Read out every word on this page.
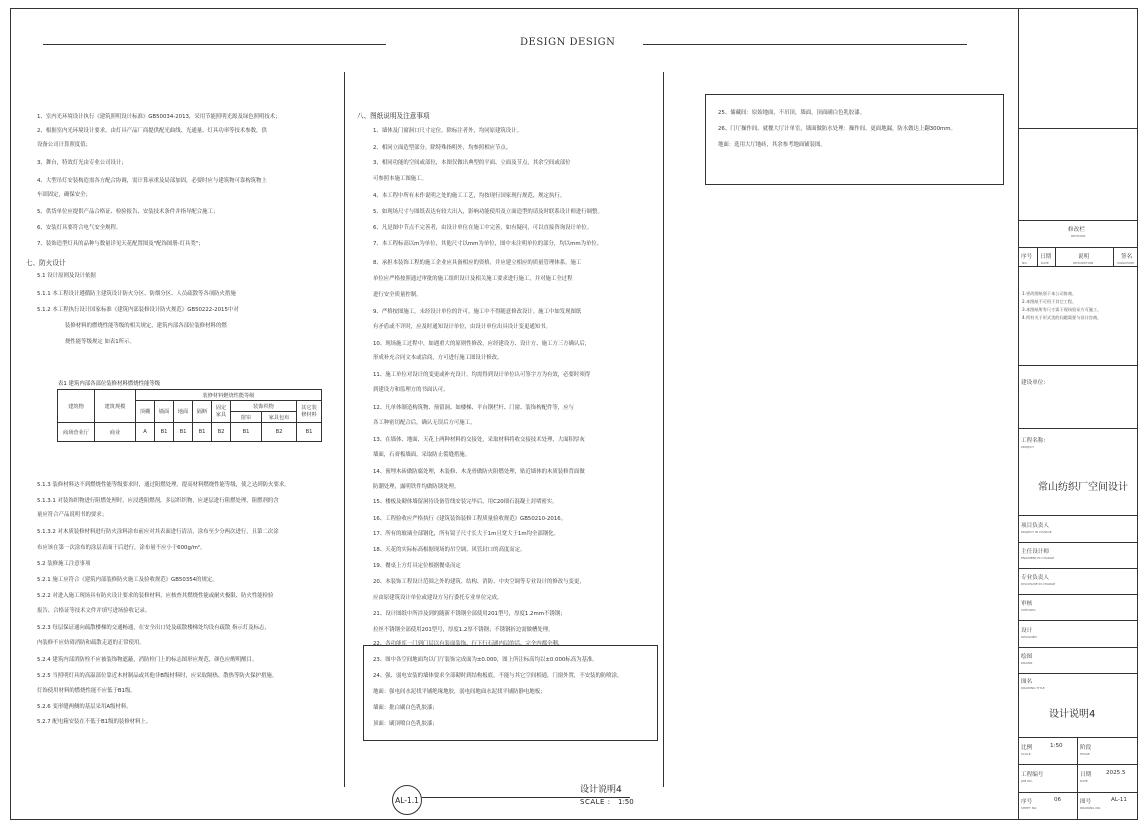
DESIGN DESIGN
1、室内光环境设计执行《建筑照明设计标准》GB50034-2013，采用节能照明光源及绿色照明技术；
2、根据室内光环境设计要求，由灯具产品厂商提供配光曲线、光通量、灯具功率等技术参数，供
设备公司计算照度值；
3、舞台，特效灯光由专业公司设计；
4、大型吊灯安装构造需各方配合协调，需计算承重及局部加固，必要时应与建筑物可靠构筑物上
车固固定，确保安全；
5、供货单位应提供产品合格证、检验报告、安装技术条件并指导配合施工；
6、安装灯具要符合电气安全规程。
7、装饰造型灯具的品种与数量详见天花配置图及"配饰图册-灯具类"；
七、防火设计
5.1 设计原则及设计依据
5.1.1 本工程设计遵循防主建筑设计防火分区、防烟分区、人员疏散等各项防火措施
5.1.2 本工程执行设计国家标准《建筑内部装修设计防火规范》GB50222-2015中对
装修材料的燃烧性能等级的相关规定，建筑内部各部位装修材料的燃
烧性能等级规定 如表1所示。
表1 建筑内部各部位装修材料燃烧性能等级
建筑物	建筑规模	装修材料燃烧性能等级							
		顶棚	墙面	地面	隔断	固定家具	装饰织物		其它装修材料
							窗帘	家具包布	
商场营业厅	商业	A	B1	B1	B1	B2	B1	B2	B1
5.1.3 装修材料达不到燃烧性能等级要求时，通过阻燃处理，提高材料燃烧性能等级，使之达到防火要求。
5.1.3.1 对装饰织物进行阻燃处理时，应浸透阻燃剂，多层织织物，应逐层进行阻燃处理，阻燃剂的含
量应符合产品说明书的要求；
5.1.3.2 对木质装修材料进行防火涂料涂布前应对其表面进行清洁，涂布至少分两次进行，且第二次涂
布应该在第一次涂布的涂层表面干后进行，涂布量不应小于600g/m²。
5.2 装修施工注意事项
5.2.1 施工应符合《建筑内部装修防火施工及验收规范》GB50354的规定。
5.2.2 对进入施工现场具有防火设计要求的装修材料，应核查其燃烧性能或耐火极限、防火性能检验
报告、合格证等技术文件并填写进场验收记录。
5.2.3 每层保证通向疏散楼梯的交通畅通，在安全出口处及疏散楼梯处均设有疏散 指示灯及标志，
内装修不应妨碍消防和疏散走道的正常使用。
5.2.4 建筑内部消防栓不应被装饰物遮蔽，消防栓门上的标志图形应规范，颜色应醒明醒目。
5.2.5 当照明灯具的高温部位靠近木材制品或其他非B级材料时，应采取隔热、散热等防火保护措施。
灯饰使用材料的燃烧性能不应低于B1级。
5.2.6 变形缝两侧的基层采用A级材料。
5.2.7 配电箱安装在不低于B1级的装修材料上。
八、图纸说明及注意事项
1、墙体及门窗洞口尺寸定位，除标注者外，均同原建筑设计。
2、相同立面造型部分，除特殊指明外，均参照相应节点。
3、相同功能的空间或部位，本图仅做出典型的平面、立面及节点，其余空间或部位
可参照本施工图施工。
4、本工程中所有未作说明之处的施工工艺，均按现行国家现行规范、规定执行。
5、如现场尺寸与图纸表达有较大出入，影响功能使用及立面造型的请及时联系设计师进行调整。
6、凡是图中节点不完善者，由设计单位在施工中完善，如有疑问，可以直接咨询设计单位。
7、本工程标高以m为单位，其他尺寸以mm为单位，图中未注明单位的部分，均以mm为单位。
8、承担本装饰工程的施工企业应具备相应的资格，并应建立相应的质量管理体系。施工
单位应严格按照通过审批的施工组织设计及相关施工要求进行施工，并对施工全过程
进行安全质量控制。
9、严格按图施工，未经设计单位的许可，施工中不得随意修改设计。施工中如发现图纸
有矛盾或不详时，应及时通知设计单位，由设计单位出具设计变更通知书。
10、现场施工过程中，如遇重大的原则性修改，应经建设方、设计方、施工方三方确认后，
形成补充合同文本或洽商，方可进行施工图设计修改。
11、施工单位对设计的变更或补充设计，均需得到设计单位认可签字方为有效，必要时须得
到建设方和监理方的书面认可。
12、凡单体制造构筑物、预留洞、如楼梯、平台钢栏杆、门窗、装饰构配件等，应与
各工种密切配合后，确认无误后方可施工。
13、在墙体、地面、天花上两种材料的交接处，采取材料将收交接技术处理，大面积厚灰
墙面，石膏板墙面，采取防止裂缝措施。
14、预埋木砖做防腐处理，木装修、木龙骨做防火阻燃处理，贴近墙体的木质装修背面做
防潮处理，露明铁件均做防锈处理。
15、楼板及砌体墙留洞待设备管线安装完毕后，用C20细石混凝土封堵密实。
16、工程验收应严格执行《建筑装饰装修工程质量验收规范》GB50210-2016。
17、所有的玻璃全部钢化，所有镜子尺寸长大于1m且宽大于1m均全部钢化。
18、天花的实际标高根据现场的吊空调、风管封口的高度而定。
19、餐桌上方灯具定位根据餐桌而定
20、本装饰工程设计范围之外的建筑、结构、消防、中央空调等专业设计的修改与变更，
应由原建筑设计单位或建设方另行委托专业单位完成。
21、设计图纸中所涉及到的随新不锈钢全部使用201型号，厚度1.2mm不锈钢；
拉丝不锈钢全部使用201型号，厚度1.2厚不锈钢；不锈钢折边需做槽处理。
22、各功能库一门到门层以有装面装饰、行下行石剧内层的活、完全内都全剩、
23、图中各空间地面均以门厅装饰完成面为±0.000，图上所注标高均以±0.000标高为基准。
24、强、弱电安装的墙体要求全部砌时到结构板底，不能与其它空间相通，门窗外置，不安装的防喷涂。
地面：强电间水泥找平铺绝缘地胶，弱电间地面水泥找平铺防静电地板；
墙面：批白刷白色乳胶漆；
顶面：刷顶喷白色乳胶漆；
25、储藏间：原始地面，不吊顶，墙面，顶面刷白色乳胶漆。
26、门厅操作间、就餐大厅计单室，墙面做防水处理：操作间、更面地漏，防水做达上翻300mm。
地面：选用大厅地砖，其余参考地面铺装图。
AL-1.1
设计说明4
SCALE : 1:50
修改栏
REVISION
序号
NO.
日期
DATE
说明
DESCRIPTION
签名
SIGNATURE
1.更改图纸须于本公司协商。
2.本图纸不可用于其它工程。
3.本图纸所有尺寸需于现场验证方可施工。
4.所有关于形式美的问题需要与设计咨商。
建设单位:
工程名称:
PROJECT
常山纺织厂空间设计
项目负责人
PROJECT IN CHARGE
主任设计师
ENGINEER IN CHARGE
专业负责人
DISCIPLINE IN CHARGE
审核
CHECKED
设计
DESIGNED
绘图
DRAWN
图名
DRAWING TITLE
设计说明4
比例
SCALE
1:50	阶段
PHASE
工程编号
JOB NO.
日期
DATE
2025.5
序号
SHEET NO.
06	图号
DRAWING NO.
AL-11
